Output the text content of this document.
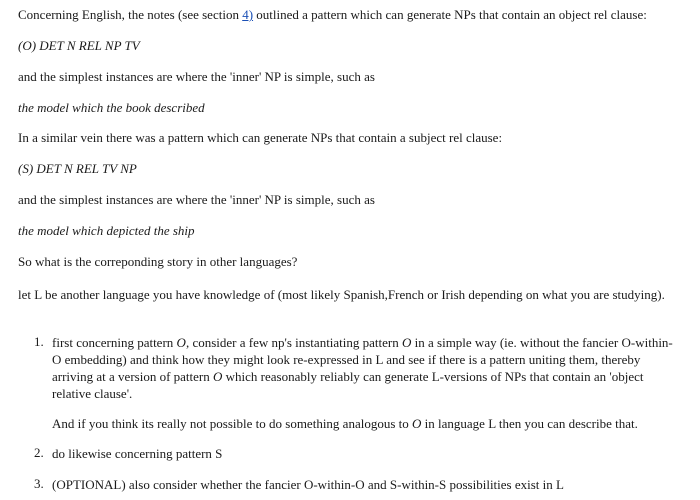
Concerning English, the notes (see section 4) outlined a pattern which can generate NPs that contain an object rel clause:
(O) DET N REL NP TV
and the simplest instances are where the 'inner' NP is simple, such as
the model which the book described
In a similar vein there was a pattern which can generate NPs that contain a subject rel clause:
(S) DET N REL TV NP
and the simplest instances are where the 'inner' NP is simple, such as
the model which depicted the ship
So what is the correponding story in other languages?
let L be another language you have knowledge of (most likely Spanish,French or Irish depending on what you are studying).
1. first concerning pattern O, consider a few np's instantiating pattern O in a simple way (ie. without the fancier O-within-O embedding) and think how they might look re-expressed in L and see if there is a pattern uniting them, thereby arriving at a version of pattern O which reasonably reliably can generate L-versions of NPs that contain an 'object relative clause'.
And if you think its really not possible to do something analogous to O in language L then you can describe that.
2. do likewise concerning pattern S
3. (OPTIONAL) also consider whether the fancier O-within-O and S-within-S possibilities exist in L
